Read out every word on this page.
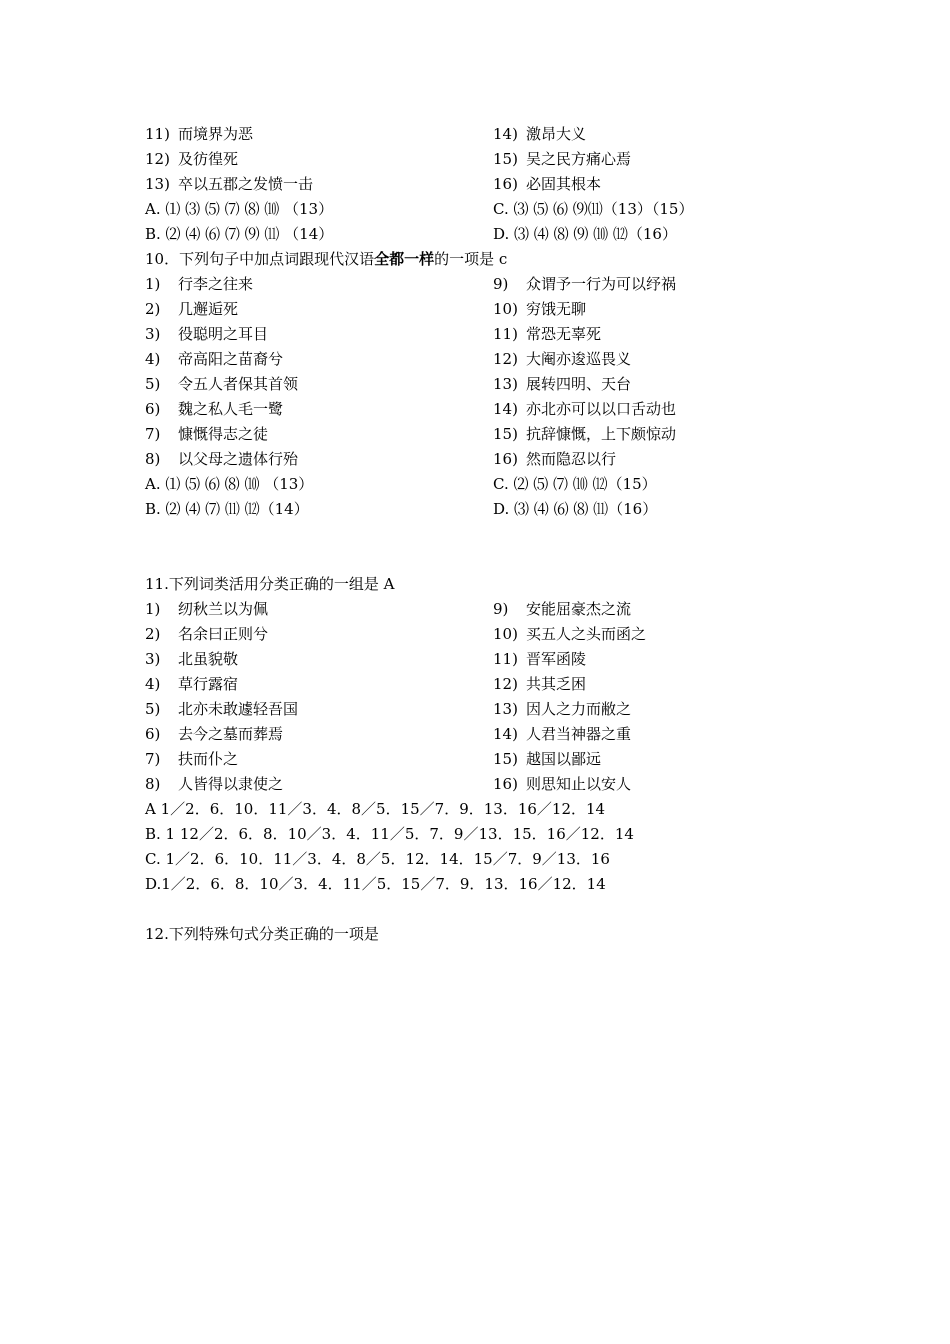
11) 而境界为恶	14) 激昂大义
12) 及彷徨死	15) 吴之民方痛心焉
13) 卒以五郡之发愤一击	16) 必固其根本
A. ⑴ ⑶ ⑸ ⑺ ⑻ ⑽ （13）	C. ⑶ ⑸ ⑹ ⑼⑾（13）（15）
B. ⑵ ⑷ ⑹ ⑺ ⑼ ⑾ （14）	D. ⑶ ⑷ ⑻ ⑼ ⑽ ⑿（16）
10．下列句子中加点词跟现代汉语全都一样的一项是 c
1) 行李之往来	9) 众谓予一行为可以纾祸
2) 几邂逅死	10) 穷饿无聊
3) 役聪明之耳目	11) 常恐无辜死
4) 帝高阳之苗裔兮	12) 大阉亦逡巡畏义
5) 令五人者保其首领	13) 展转四明、天台
6) 魏之私人毛一鹭	14) 亦北亦可以以口舌动也
7) 慷慨得志之徒	15) 抗辞慷慨，上下颇惊动
8) 以父母之遗体行殆	16) 然而隐忍以行
A. ⑴ ⑸ ⑹ ⑻ ⑽ （13）	C. ⑵ ⑸ ⑺ ⑽ ⑿（15）
B. ⑵ ⑷ ⑺ ⑾ ⑿（14）	D. ⑶ ⑷ ⑹ ⑻ ⑾（16）
11.下列词类活用分类正确的一组是 A
1) 纫秋兰以为佩	9) 安能屈豪杰之流
2) 名余曰正则兮	10) 买五人之头而函之
3) 北虽貌敬	11) 晋军函陵
4) 草行露宿	12) 共其乏困
5) 北亦未敢遽轻吾国	13) 因人之力而敝之
6) 去今之墓而葬焉	14) 人君当神器之重
7) 扶而仆之	15) 越国以鄙远
8) 人皆得以隶使之	16) 则思知止以安人
A 1／2．6．10．11／3．4．8／5．15／7．9．13．16／12．14
B. 1 12／2．6．8．10／3．4．11／5．7．9／13．15．16／12．14
C. 1／2．6．10．11／3．4．8／5．12．14．15／7．9／13．16
D.1／2．6．8．10／3．4．11／5．15／7．9．13．16／12．14
12.下列特殊句式分类正确的一项是
